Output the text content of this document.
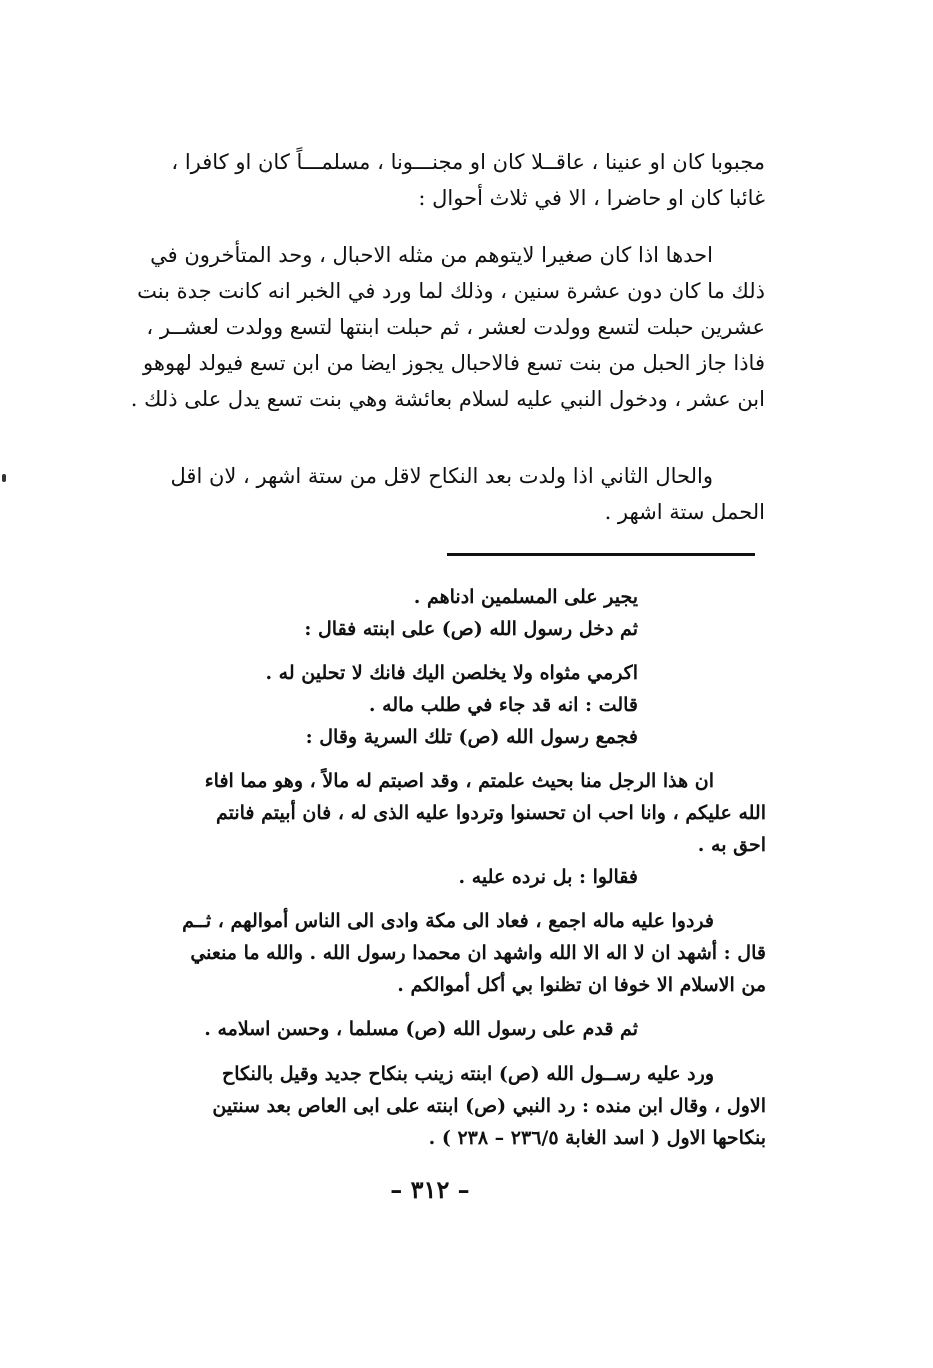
مجبوبا كان او عنينا ، عاقــلا كان او مجنـــونا ، مسلمـــاً كان او كافرا ،
غائبا كان او حاضرا ، الا في ثلاث أحوال :
احدها اذا كان صغيرا لايتوهم من مثله الاحبال ، وحد المتأخرون في
ذلك ما كان دون عشرة سنين ، وذلك لما ورد في الخبر انه كانت جدة بنت
عشرين حبلت لتسع وولدت لعشر ، ثم حبلت ابنتها لتسع وولدت لعشــر ،
فاذا جاز الحبل من بنت تسع فالاحبال يجوز ايضا من ابن تسع فيولد لهوهو
ابن عشر ، ودخول النبي عليه لسلام بعائشة وهي بنت تسع يدل على ذلك .
والحال الثاني اذا ولدت بعد النكاح لاقل من ستة اشهر ، لان اقل
الحمل ستة اشهر .
يجير على المسلمين ادناهم .
ثم دخل رسول الله (ص) على ابنته فقال :
اكرمي مثواه ولا يخلصن اليك فانك لا تحلين له .
قالت : انه قد جاء في طلب ماله .
فجمع رسول الله (ص) تلك السرية وقال :
ان هذا الرجل منا بحيث علمتم ، وقد اصبتم له مالاً ، وهو مما افاء
الله عليكم ، وانا احب ان تحسنوا وتردوا عليه الذى له ، فان أبيتم فانتم
احق به .
فقالوا : بل نرده عليه .
فردوا عليه ماله اجمع ، فعاد الى مكة وادى الى الناس أموالهم ، ثــم
قال : أشهد ان لا اله الا الله واشهد ان محمدا رسول الله . والله ما منعني
من الاسلام الا خوفا ان تظنوا بي أكل أموالكم .
ثم قدم على رسول الله (ص) مسلما ، وحسن اسلامه .
ورد عليه رســول الله (ص) ابنته زينب بنكاح جديد وقيل بالنكاح
الاول ، وقال ابن منده : رد النبي (ص) ابنته على ابى العاص بعد سنتين
بنكاحها الاول ( اسد الغابة ٢٣٦/٥ – ٢٣٨ ) .
– ٣١٢ –
